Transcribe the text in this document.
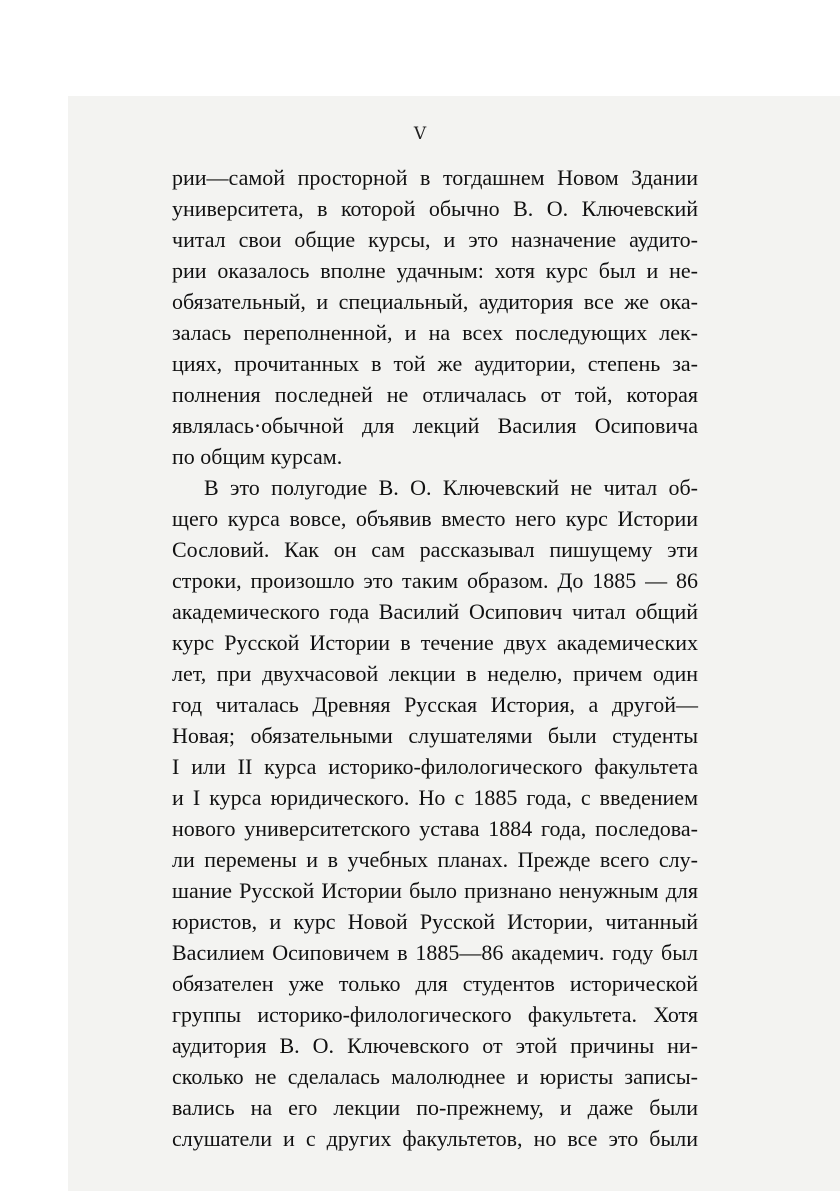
V
рии—самой просторной в тогдашнем Новом Здании
университета, в которой обычно В. О. Ключевский
читал свои общие курсы, и это назначение аудито-
рии оказалось вполне удачным: хотя курс был и не-
обязательный, и специальный, аудитория все же ока-
залась переполненной, и на всех последующих лек-
циях, прочитанных в той же аудитории, степень за-
полнения последней не отличалась от той, которая
являлась·обычной для лекций Василия Осиповича
по общим курсам.
В это полугодие В. О. Ключевский не читал об-
щего курса вовсе, объявив вместо него курс Истории
Сословий. Как он сам рассказывал пишущему эти
строки, произошло это таким образом. До 1885 — 86
академического года Василий Осипович читал общий
курс Русской Истории в течение двух академических
лет, при двухчасовой лекции в неделю, причем один
год читалась Древняя Русская История, а другой—
Новая; обязательными слушателями были студенты
I или II курса историко-филологического факультета
и I курса юридического. Но с 1885 года, с введением
нового университетского устава 1884 года, последова-
ли перемены и в учебных планах. Прежде всего слу-
шание Русской Истории было признано ненужным для
юристов, и курс Новой Русской Истории, читанный
Василием Осиповичем в 1885—86 академич. году был
обязателен уже только для студентов исторической
группы историко-филологического факультета. Хотя
аудитория В. О. Ключевского от этой причины ни-
сколько не сделалась малолюднее и юристы записы-
вались на его лекции по-прежнему, и даже были
слушатели и с других факультетов, но все это были
